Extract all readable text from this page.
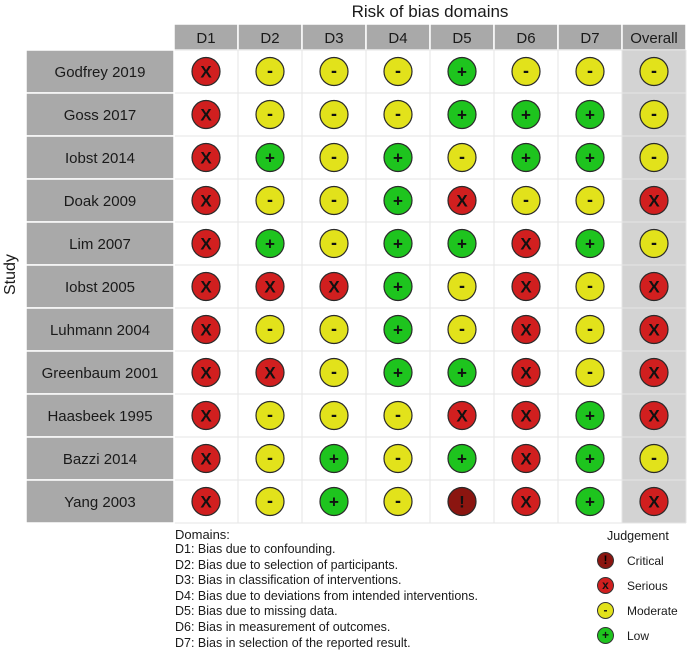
Risk of bias domains
Study
D1	D2	D3	D4	D5	D6	D7 Overall
Godfrey 2019	X	-	-	-	+	-	-	-
Goss 2017	X	-	-	-	+	+	+	-
Iobst 2014	X	+	-	+	-	+	+	-
Doak 2009	X	-	-	+	X	-	-	X
Lim 2007	X	+	-	+	+	X	+	-
Iobst 2005	X	X	X	+	-	X	-	X
Luhmann 2004	X	-	-	+	-	X	-	X
Greenbaum 2001 X	X	-	+	+	X	-	X
Haasbeek 1995	X	-	-	-	X	X	+	X
Bazzi 2014	X	-	+	-	+	X	+	-
Yang 2003	X	-	+	-	!	X	+	X
Domains:
D1: Bias due to confounding.
D2: Bias due to selection of participants.
D3: Bias in classification of interventions.
D4: Bias due to deviations from intended interventions.
D5: Bias due to missing data.
D6: Bias in measurement of outcomes.
D7: Bias in selection of the reported result.
Judgement
!	Critical
x	Serious
-	Moderate
+	Low
